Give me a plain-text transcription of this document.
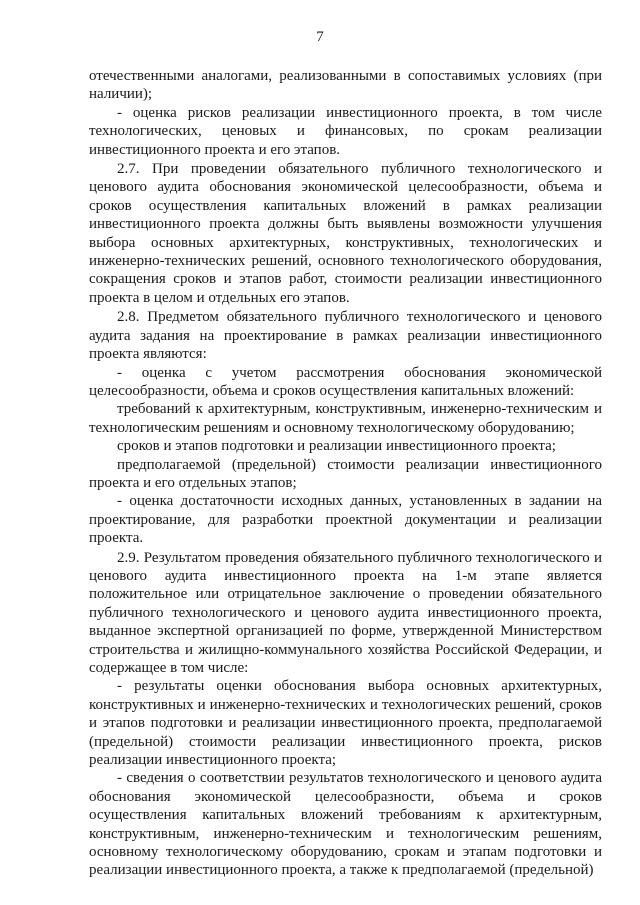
7

отечественными аналогами, реализованными в сопоставимых условиях (при наличии);

- оценка рисков реализации инвестиционного проекта, в том числе технологических, ценовых и финансовых, по срокам реализации инвестиционного проекта и его этапов.

2.7. При проведении обязательного публичного технологического и ценового аудита обоснования экономической целесообразности, объема и сроков осуществления капитальных вложений в рамках реализации инвестиционного проекта должны быть выявлены возможности улучшения выбора основных архитектурных, конструктивных, технологических и инженерно-технических решений, основного технологического оборудования, сокращения сроков и этапов работ, стоимости реализации инвестиционного проекта в целом и отдельных его этапов.

2.8. Предметом обязательного публичного технологического и ценового аудита задания на проектирование в рамках реализации инвестиционного проекта являются:

- оценка с учетом рассмотрения обоснования экономической целесообразности, объема и сроков осуществления капитальных вложений:

требований к архитектурным, конструктивным, инженерно-техническим и технологическим решениям и основному технологическому оборудованию;

сроков и этапов подготовки и реализации инвестиционного проекта;

предполагаемой (предельной) стоимости реализации инвестиционного проекта и его отдельных этапов;

- оценка достаточности исходных данных, установленных в задании на проектирование, для разработки проектной документации и реализации проекта.

2.9. Результатом проведения обязательного публичного технологического и ценового аудита инвестиционного проекта на 1-м этапе является положительное или отрицательное заключение о проведении обязательного публичного технологического и ценового аудита инвестиционного проекта, выданное экспертной организацией по форме, утвержденной Министерством строительства и жилищно-коммунального хозяйства Российской Федерации, и содержащее в том числе:

- результаты оценки обоснования выбора основных архитектурных, конструктивных и инженерно-технических и технологических решений, сроков и этапов подготовки и реализации инвестиционного проекта, предполагаемой (предельной) стоимости реализации инвестиционного проекта, рисков реализации инвестиционного проекта;

- сведения о соответствии результатов технологического и ценового аудита обоснования экономической целесообразности, объема и сроков осуществления капитальных вложений требованиям к архитектурным, конструктивным, инженерно-техническим и технологическим решениям, основному технологическому оборудованию, срокам и этапам подготовки и реализации инвестиционного проекта, а также к предполагаемой (предельной)
